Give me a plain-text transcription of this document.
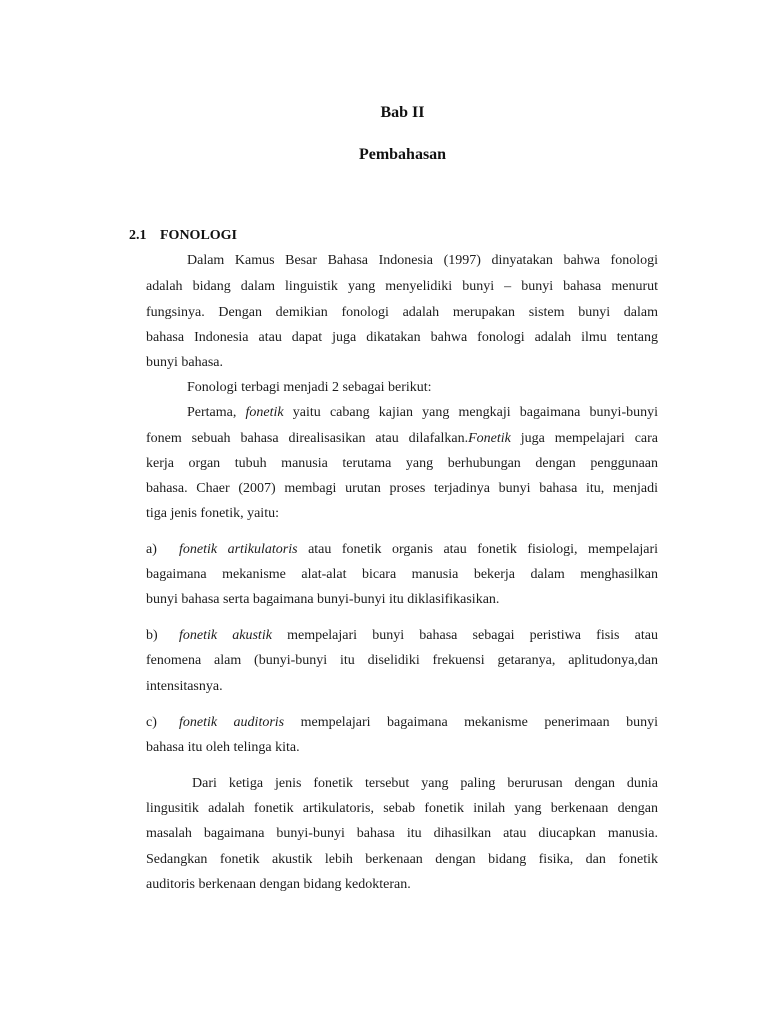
Bab II
Pembahasan
2.1 FONOLOGI
Dalam Kamus Besar Bahasa Indonesia (1997) dinyatakan bahwa fonologi
adalah bidang dalam linguistik yang menyelidiki bunyi – bunyi bahasa menurut
fungsinya. Dengan demikian fonologi adalah merupakan sistem bunyi dalam
bahasa Indonesia atau dapat juga dikatakan bahwa fonologi adalah ilmu tentang
bunyi bahasa.
Fonologi terbagi menjadi 2 sebagai berikut:
Pertama, fonetik yaitu cabang kajian yang mengkaji bagaimana bunyi-bunyi
fonem sebuah bahasa direalisasikan atau dilafalkan.Fonetik juga mempelajari cara
kerja organ tubuh manusia terutama yang berhubungan dengan penggunaan
bahasa. Chaer (2007) membagi urutan proses terjadinya bunyi bahasa itu, menjadi
tiga jenis fonetik, yaitu:
a) fonetik artikulatoris atau fonetik organis atau fonetik fisiologi, mempelajari
bagaimana mekanisme alat-alat bicara manusia bekerja dalam menghasilkan
bunyi bahasa serta bagaimana bunyi-bunyi itu diklasifikasikan.
b) fonetik akustik mempelajari bunyi bahasa sebagai peristiwa fisis atau
fenomena alam (bunyi-bunyi itu diselidiki frekuensi getaranya, aplitudonya,dan
intensitasnya.
c) fonetik auditoris mempelajari bagaimana mekanisme penerimaan bunyi
bahasa itu oleh telinga kita.
Dari ketiga jenis fonetik tersebut yang paling berurusan dengan dunia
lingusitik adalah fonetik artikulatoris, sebab fonetik inilah yang berkenaan dengan
masalah bagaimana bunyi-bunyi bahasa itu dihasilkan atau diucapkan manusia.
Sedangkan fonetik akustik lebih berkenaan dengan bidang fisika, dan fonetik
auditoris berkenaan dengan bidang kedokteran.
